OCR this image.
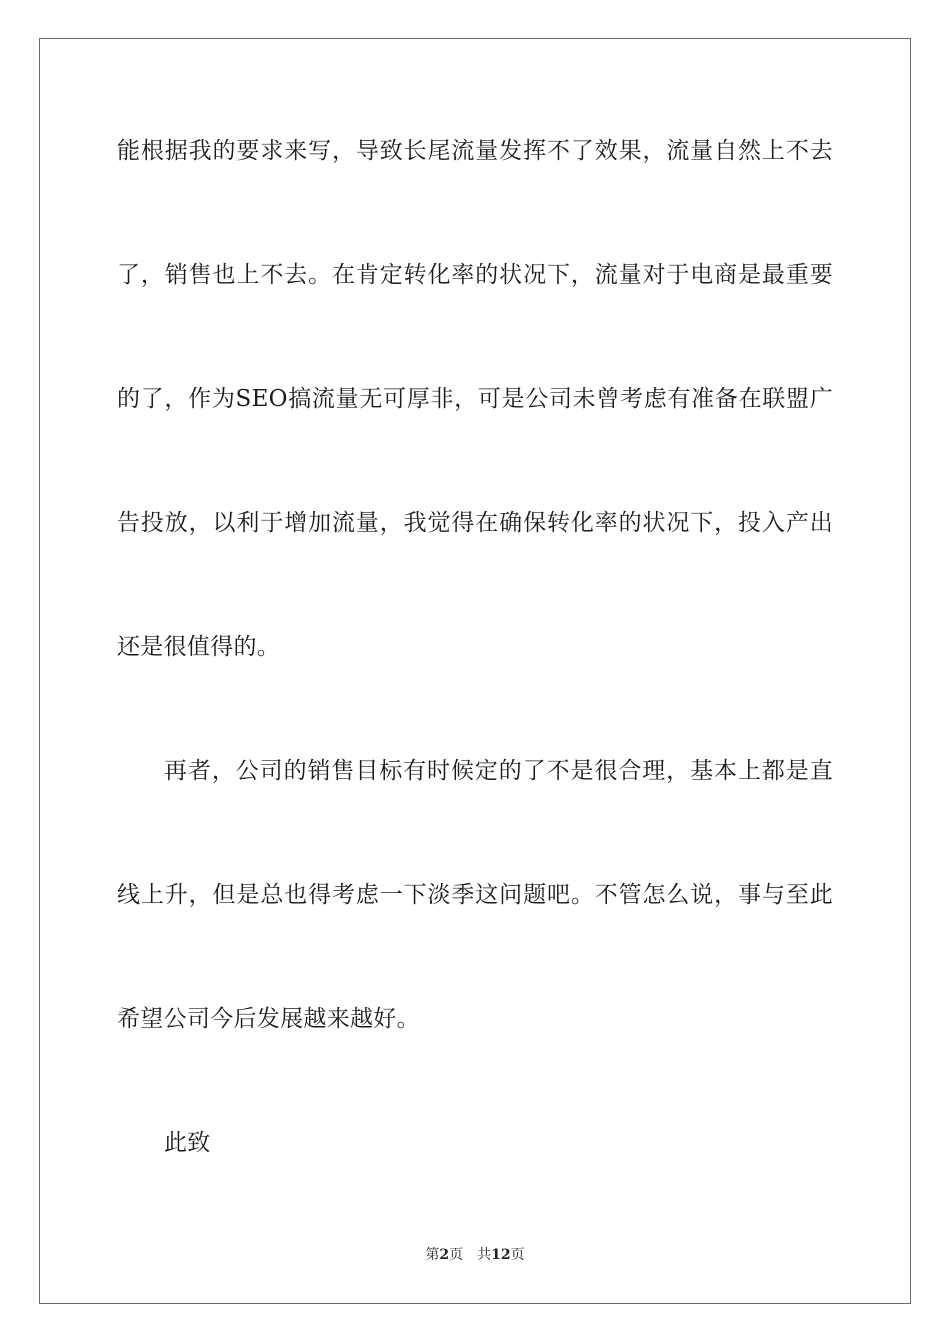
能根据我的要求来写，导致长尾流量发挥不了效果，流量自然上不去
了，销售也上不去。在肯定转化率的状况下，流量对于电商是最重要
的了，作为SEO搞流量无可厚非，可是公司未曾考虑有准备在联盟广
告投放，以利于增加流量，我觉得在确保转化率的状况下，投入产出
还是很值得的。
再者，公司的销售目标有时候定的了不是很合理，基本上都是直
线上升，但是总也得考虑一下淡季这问题吧。不管怎么说，事与至此
希望公司今后发展越来越好。
此致
第2页 共12页
